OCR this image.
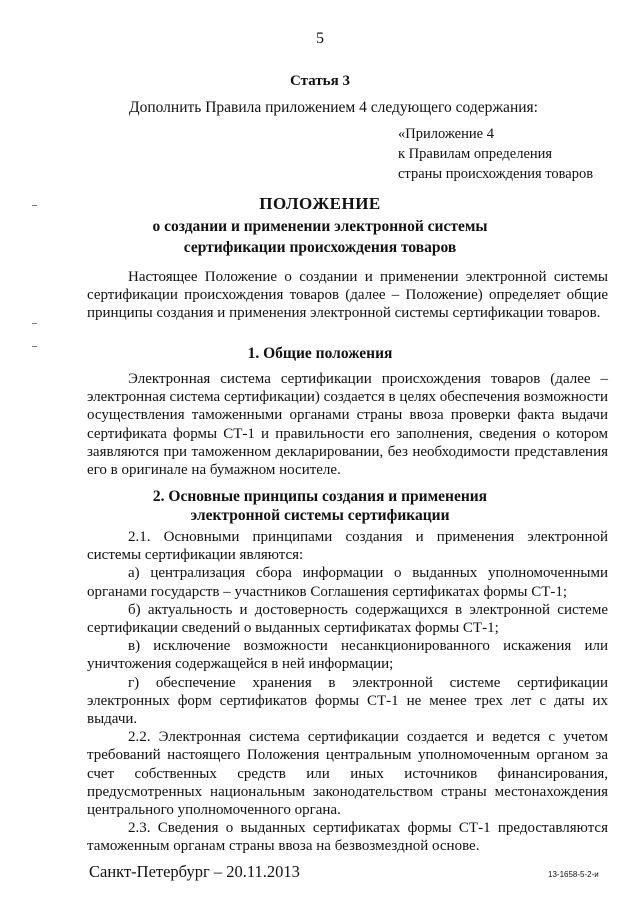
5
Статья 3
Дополнить Правила приложением 4 следующего содержания:
«Приложение 4
к Правилам определения
страны происхождения товаров
ПОЛОЖЕНИЕ
о создании и применении электронной системы
сертификации происхождения товаров

Настоящее Положение о создании и применении электронной системы сертификации происхождения товаров (далее – Положение) определяет общие принципы создания и применения электронной системы сертификации товаров.

1. Общие положения

Электронная система сертификации происхождения товаров (далее – электронная система сертификации) создается в целях обеспечения возможности осуществления таможенными органами страны ввоза проверки факта выдачи сертификата формы СТ-1 и правильности его заполнения, сведения о котором заявляются при таможенном декларировании, без необходимости представления его в оригинале на бумажном носителе.

2. Основные принципы создания и применения
электронной системы сертификации

2.1. Основными принципами создания и применения электронной системы сертификации являются:

а) централизация сбора информации о выданных уполномоченными органами государств – участников Соглашения сертификатах формы СТ-1;

б) актуальность и достоверность содержащихся в электронной системе сертификации сведений о выданных сертификатах формы СТ-1;

в) исключение возможности несанкционированного искажения или уничтожения содержащейся в ней информации;

г) обеспечение хранения в электронной системе сертификации электронных форм сертификатов формы СТ-1 не менее трех лет с даты их выдачи.

2.2. Электронная система сертификации создается и ведется с учетом требований настоящего Положения центральным уполномоченным органом за счет собственных средств или иных источников финансирования, предусмотренных национальным законодательством страны местонахождения центрального уполномоченного органа.

2.3. Сведения о выданных сертификатах формы СТ-1 предоставляются таможенным органам страны ввоза на безвозмездной основе.

Санкт-Петербург – 20.11.2013	13-1658-5-2-и
